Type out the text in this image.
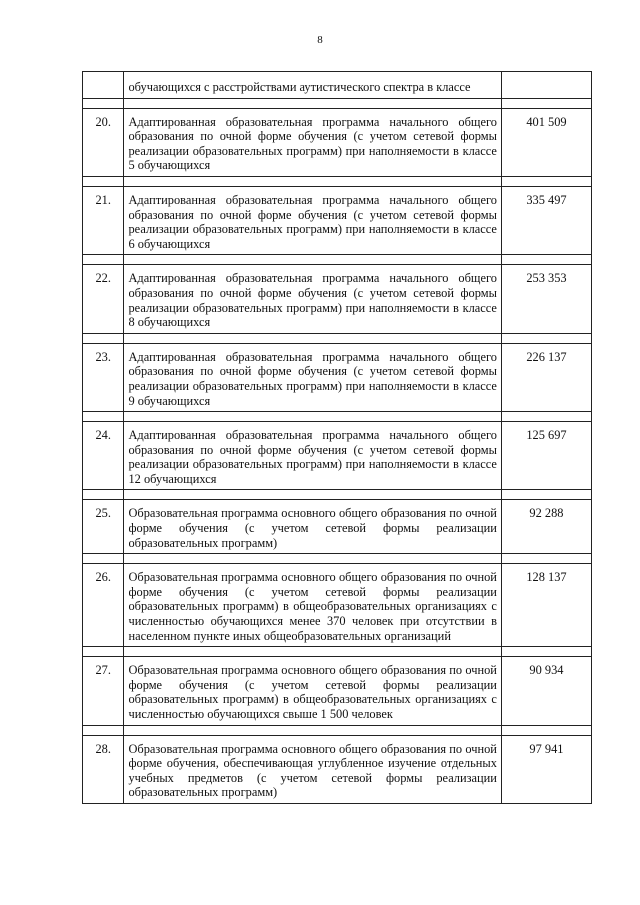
8
	обучающихся с расстройствами аутистического спектра в классе	

20.	Адаптированная образовательная программа начального общего образования по очной форме обучения (с учетом сетевой формы реализации образовательных программ) при наполняемости в классе 5 обучающихся	401 509

21.	Адаптированная образовательная программа начального общего образования по очной форме обучения (с учетом сетевой формы реализации образовательных программ) при наполняемости в классе 6 обучающихся	335 497

22.	Адаптированная образовательная программа начального общего образования по очной форме обучения (с учетом сетевой формы реализации образовательных программ) при наполняемости в классе 8 обучающихся	253 353

23.	Адаптированная образовательная программа начального общего образования по очной форме обучения (с учетом сетевой формы реализации образовательных программ) при наполняемости в классе 9 обучающихся	226 137

24.	Адаптированная образовательная программа начального общего образования по очной форме обучения (с учетом сетевой формы реализации образовательных программ) при наполняемости в классе 12 обучающихся	125 697

25.	Образовательная программа основного общего образования по очной форме обучения (с учетом сетевой формы реализации образовательных программ)	92 288

26.	Образовательная программа основного общего образования по очной форме обучения (с учетом сетевой формы реализации образовательных программ) в общеобразовательных организациях с численностью обучающихся менее 370 человек при отсутствии в населенном пункте иных общеобразовательных организаций	128 137

27.	Образовательная программа основного общего образования по очной форме обучения (с учетом сетевой формы реализации образовательных программ) в общеобразовательных организациях с численностью обучающихся свыше 1 500 человек	90 934

28.	Образовательная программа основного общего образования по очной форме обучения, обеспечивающая углубленное изучение отдельных учебных предметов (с учетом сетевой формы реализации образовательных программ)	97 941
